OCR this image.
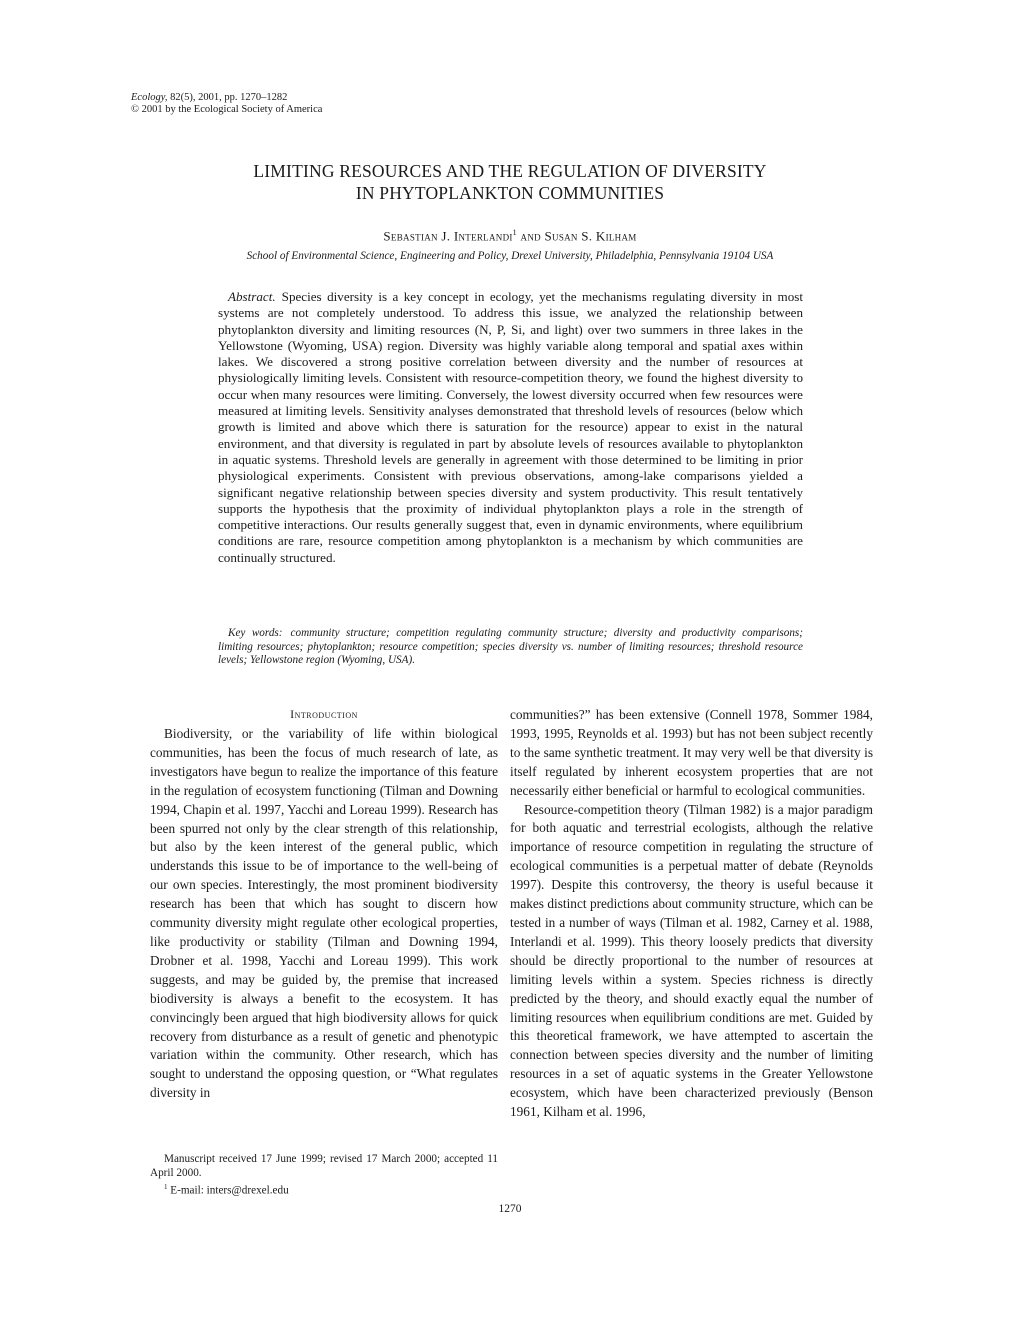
Ecology, 82(5), 2001, pp. 1270–1282
© 2001 by the Ecological Society of America
LIMITING RESOURCES AND THE REGULATION OF DIVERSITY
IN PHYTOPLANKTON COMMUNITIES
Sebastian J. Interlandi$^1$ and Susan S. Kilham
School of Environmental Science, Engineering and Policy, Drexel University, Philadelphia, Pennsylvania 19104 USA
Abstract. Species diversity is a key concept in ecology, yet the mechanisms regulating diversity in most systems are not completely understood. To address this issue, we analyzed the relationship between phytoplankton diversity and limiting resources (N, P, Si, and light) over two summers in three lakes in the Yellowstone (Wyoming, USA) region. Diversity was highly variable along temporal and spatial axes within lakes. We discovered a strong positive correlation between diversity and the number of resources at physiologically limiting levels. Consistent with resource-competition theory, we found the highest diversity to occur when many resources were limiting. Conversely, the lowest diversity occurred when few resources were measured at limiting levels. Sensitivity analyses demonstrated that threshold levels of resources (below which growth is limited and above which there is saturation for the resource) appear to exist in the natural environment, and that diversity is regulated in part by absolute levels of resources available to phytoplankton in aquatic systems. Threshold levels are generally in agreement with those determined to be limiting in prior physiological experiments. Consistent with previous observations, among-lake comparisons yielded a significant negative relationship between species diversity and system productivity. This result tentatively supports the hypothesis that the proximity of individual phytoplankton plays a role in the strength of competitive interactions. Our results generally suggest that, even in dynamic environments, where equilibrium conditions are rare, resource competition among phytoplankton is a mechanism by which communities are continually structured.
Key words: community structure; competition regulating community structure; diversity and productivity comparisons; limiting resources; phytoplankton; resource competition; species diversity vs. number of limiting resources; threshold resource levels; Yellowstone region (Wyoming, USA).
Introduction

Biodiversity, or the variability of life within biological communities, has been the focus of much research of late, as investigators have begun to realize the importance of this feature in the regulation of ecosystem functioning (Tilman and Downing 1994, Chapin et al. 1997, Yacchi and Loreau 1999). Research has been spurred not only by the clear strength of this relationship, but also by the keen interest of the general public, which understands this issue to be of importance to the well-being of our own species. Interestingly, the most prominent biodiversity research has been that which has sought to discern how community diversity might regulate other ecological properties, like productivity or stability (Tilman and Downing 1994, Drobner et al. 1998, Yacchi and Loreau 1999). This work suggests, and may be guided by, the premise that increased biodiversity is always a benefit to the ecosystem. It has convincingly been argued that high biodiversity allows for quick recovery from disturbance as a result of genetic and phenotypic variation within the community. Other research, which has sought to understand the opposing question, or “What regulates diversity in

communities?” has been extensive (Connell 1978, Sommer 1984, 1993, 1995, Reynolds et al. 1993) but has not been subject recently to the same synthetic treatment. It may very well be that diversity is itself regulated by inherent ecosystem properties that are not necessarily either beneficial or harmful to ecological communities.

Resource-competition theory (Tilman 1982) is a major paradigm for both aquatic and terrestrial ecologists, although the relative importance of resource competition in regulating the structure of ecological communities is a perpetual matter of debate (Reynolds 1997). Despite this controversy, the theory is useful because it makes distinct predictions about community structure, which can be tested in a number of ways (Tilman et al. 1982, Carney et al. 1988, Interlandi et al. 1999). This theory loosely predicts that diversity should be directly proportional to the number of resources at limiting levels within a system. Species richness is directly predicted by the theory, and should exactly equal the number of limiting resources when equilibrium conditions are met. Guided by this theoretical framework, we have attempted to ascertain the connection between species diversity and the number of limiting resources in a set of aquatic systems in the Greater Yellowstone ecosystem, which have been characterized previously (Benson 1961, Kilham et al. 1996,

Manuscript received 17 June 1999; revised 17 March 2000; accepted 11 April 2000.

$^1$ E-mail: inters@drexel.edu

1270
